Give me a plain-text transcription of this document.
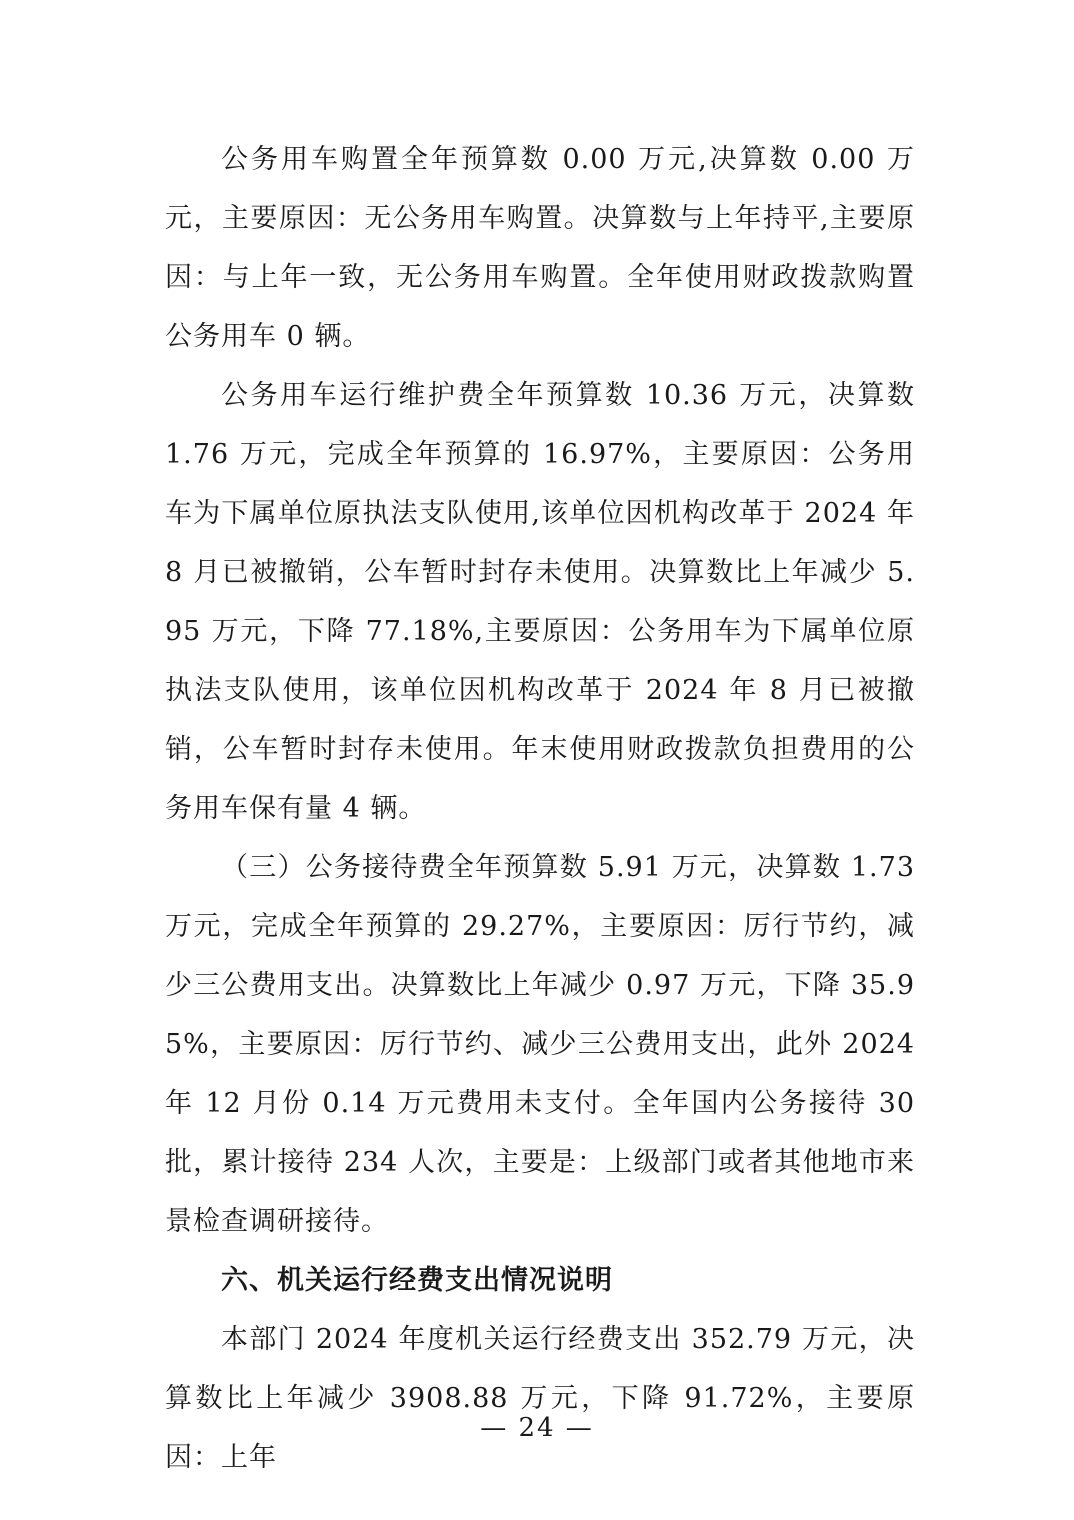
公务用车购置全年预算数 0.00 万元,决算数 0.00 万元，主要原因：无公务用车购置。决算数与上年持平,主要原因：与上年一致，无公务用车购置。全年使用财政拨款购置公务用车 0 辆。

公务用车运行维护费全年预算数 10.36 万元，决算数 1.76 万元，完成全年预算的 16.97%，主要原因：公务用车为下属单位原执法支队使用,该单位因机构改革于 2024 年 8 月已被撤销，公车暂时封存未使用。决算数比上年减少 5.95 万元，下降 77.18%,主要原因：公务用车为下属单位原执法支队使用，该单位因机构改革于 2024 年 8 月已被撤销，公车暂时封存未使用。年末使用财政拨款负担费用的公务用车保有量 4 辆。

（三）公务接待费全年预算数 5.91 万元，决算数 1.73 万元，完成全年预算的 29.27%，主要原因：厉行节约，减少三公费用支出。决算数比上年减少 0.97 万元，下降 35.95%，主要原因：厉行节约、减少三公费用支出，此外 2024 年 12 月份 0.14 万元费用未支付。全年国内公务接待 30 批，累计接待 234 人次，主要是：上级部门或者其他地市来景检查调研接待。

六、机关运行经费支出情况说明

本部门 2024 年度机关运行经费支出 352.79 万元，决算数比上年减少 3908.88 万元，下降 91.72%，主要原因：上年

— 24 —
